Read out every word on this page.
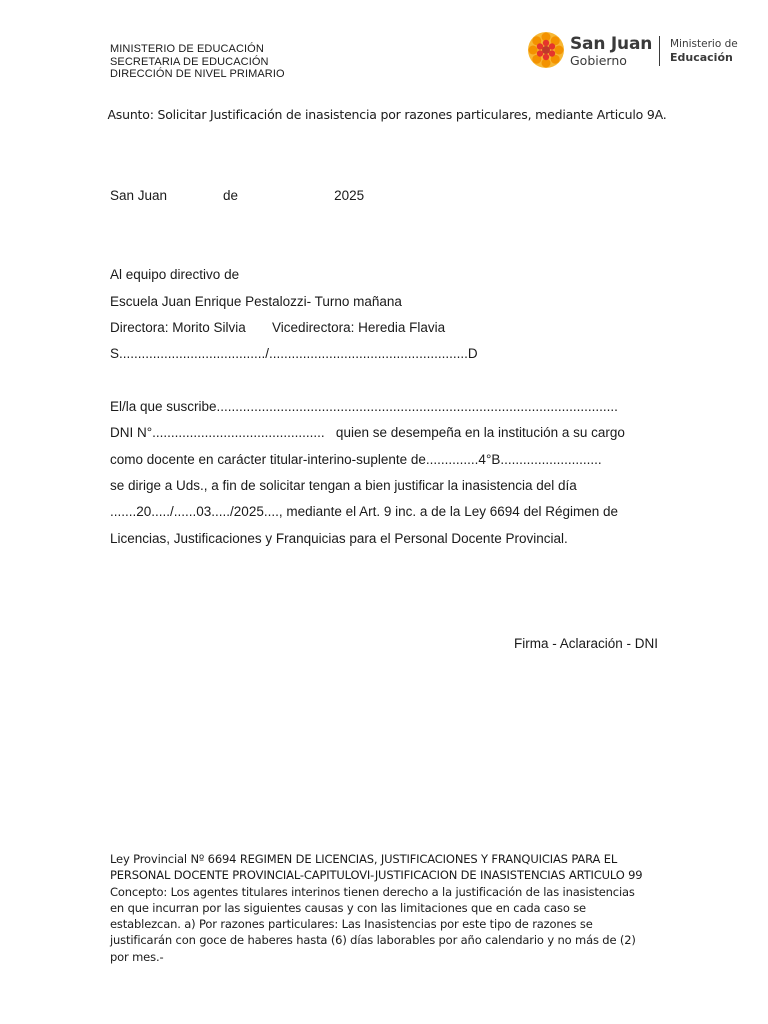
MINISTERIO DE EDUCACIÓN
SECRETARIA DE EDUCACIÓN
DIRECCIÓN DE NIVEL PRIMARIO
San Juan
Gobierno
Ministerio de
Educación
Asunto: Solicitar Justificación de inasistencia por razones particulares, mediante Articulo 9A.
San Juan	de	2025
Al equipo directivo de
Escuela Juan Enrique Pestalozzi- Turno mañana
Directora: Morito Silvia       Vicedirectora: Heredia Flavia
S......................................./.....................................................D
El/la que suscribe...........................................................................................................
DNI N°..............................................   quien se desempeña en la institución a su cargo
como docente en carácter titular-interino-suplente de..............4°B...........................
se dirige a Uds., a fin de solicitar tengan a bien justificar la inasistencia del día
.......20...../......03...../2025...., mediante el Art. 9 inc. a de la Ley 6694 del Régimen de
Licencias, Justificaciones y Franquicias para el Personal Docente Provincial.
Firma - Aclaración - DNI
Ley Provincial Nº 6694 REGIMEN DE LICENCIAS, JUSTIFICACIONES Y FRANQUICIAS PARA EL
PERSONAL DOCENTE PROVINCIAL-CAPITULOVI-JUSTIFICACION DE INASISTENCIAS ARTICULO 99
Concepto: Los agentes titulares interinos tienen derecho a la justificación de las inasistencias
en que incurran por las siguientes causas y con las limitaciones que en cada caso se
establezcan. a) Por razones particulares: Las Inasistencias por este tipo de razones se
justificarán con goce de haberes hasta (6) días laborables por año calendario y no más de (2)
por mes.-
